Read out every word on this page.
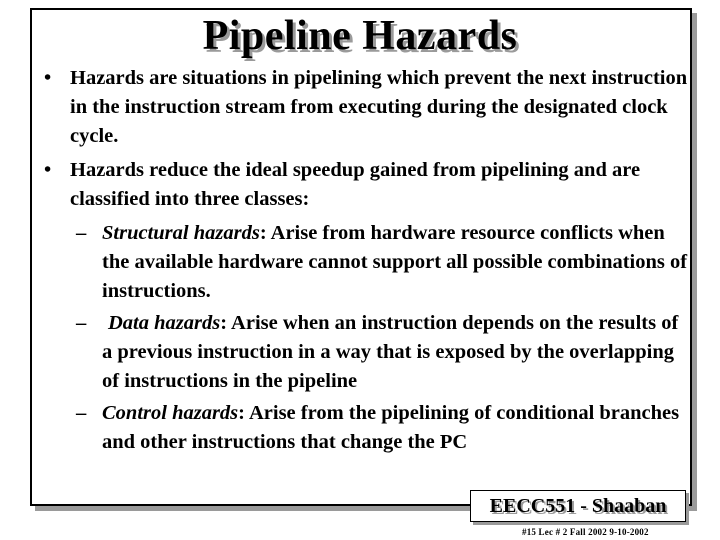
Pipeline Hazards
• Hazards are situations in pipelining which prevent the next instruction in the instruction stream from executing during the designated clock cycle.
• Hazards reduce the ideal speedup gained from pipelining and are classified into three classes:
– Structural hazards: Arise from hardware resource conflicts when the available hardware cannot support all possible combinations of instructions.
– Data hazards: Arise when an instruction depends on the results of a previous instruction in a way that is exposed by the overlapping of instructions in the pipeline
– Control hazards: Arise from the pipelining of conditional branches and other instructions that change the PC
EECC551 - Shaaban
#15 Lec # 2 Fall 2002 9-10-2002
